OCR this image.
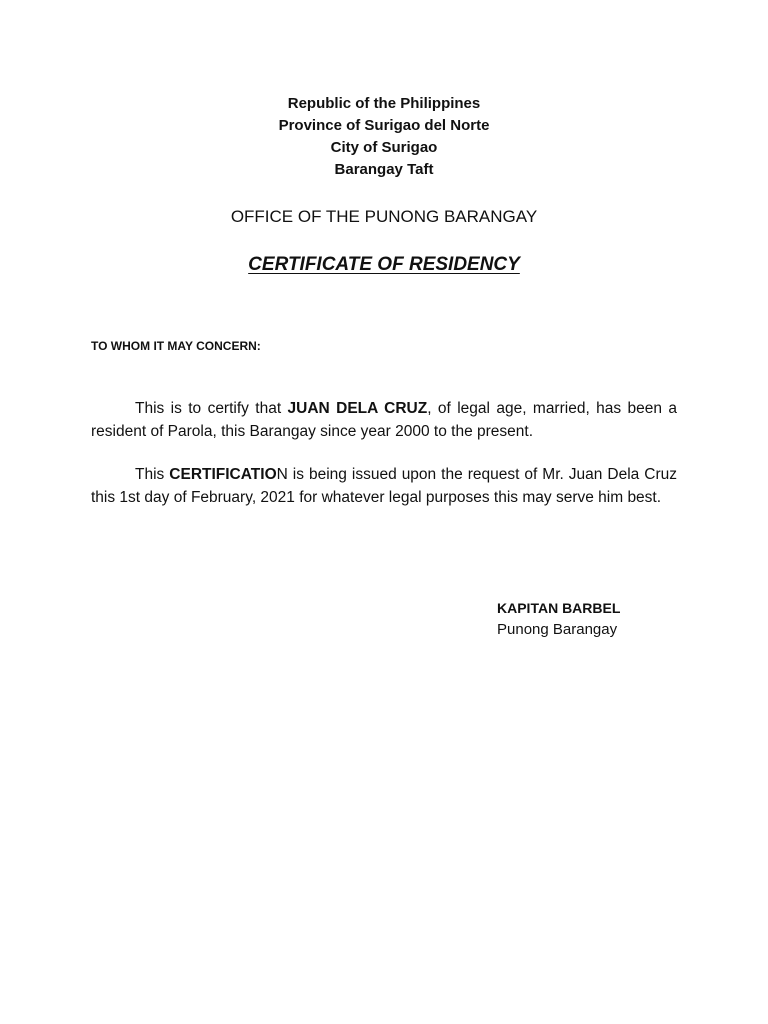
Republic of the Philippines
Province of Surigao del Norte
City of Surigao
Barangay Taft
OFFICE OF THE PUNONG BARANGAY
CERTIFICATE OF RESIDENCY
TO WHOM IT MAY CONCERN:
This is to certify that JUAN DELA CRUZ, of legal age, married, has been a resident of Parola, this Barangay since year 2000 to the present.
This CERTIFICATION is being issued upon the request of Mr. Juan Dela Cruz this 1st day of February, 2021 for whatever legal purposes this may serve him best.
KAPITAN BARBEL
Punong Barangay
